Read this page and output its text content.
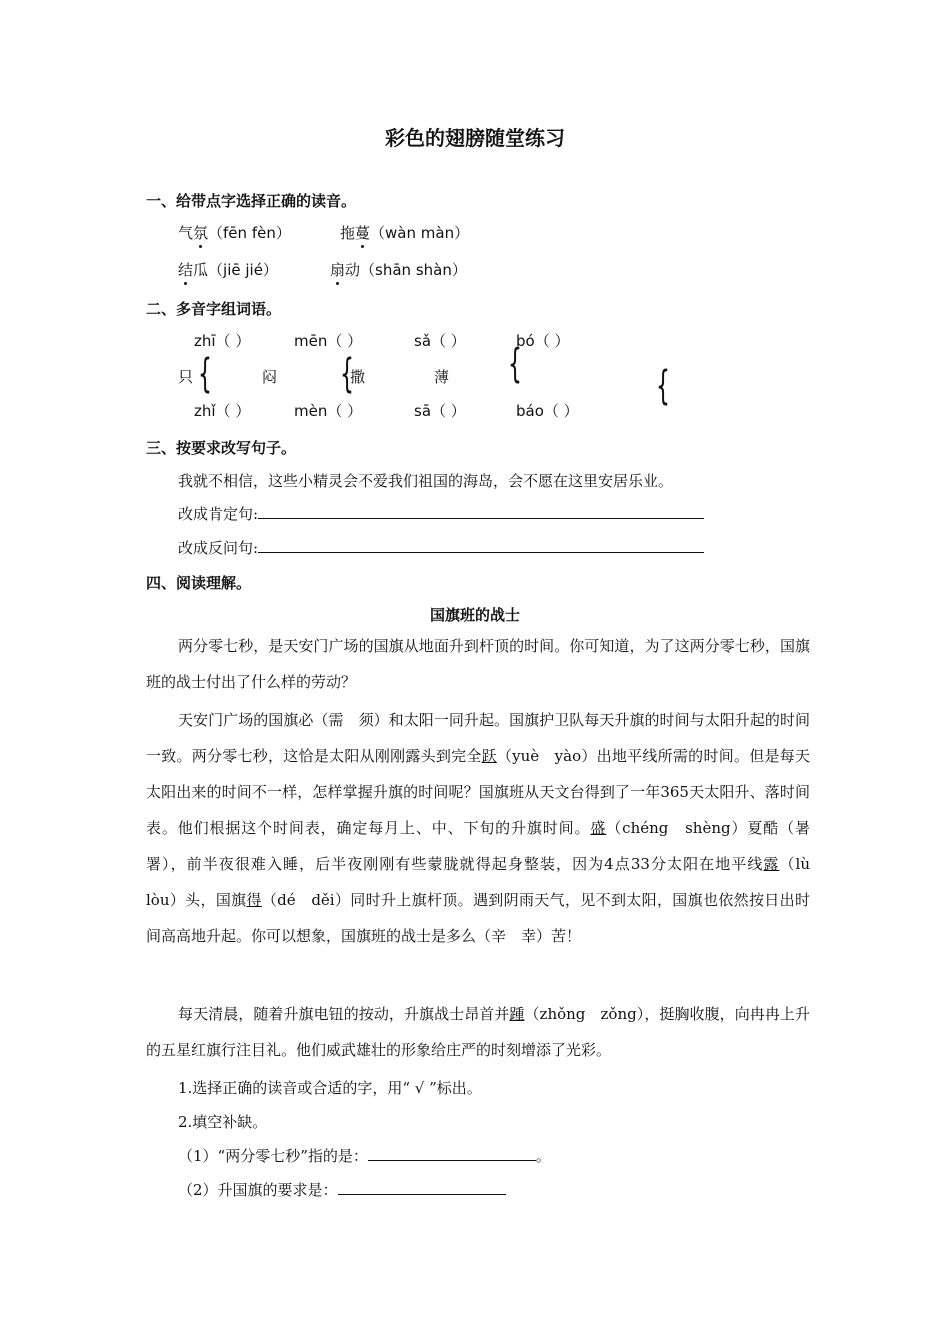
彩色的翅膀随堂练习
一、给带点字选择正确的读音。
气氛（fēn fèn）	拖蔓（wàn màn）
结瓜（jiē jié）	扇动（shān shàn）
二、多音字组词语。
zhī（ ）	mēn（ ）	sǎ（ ）	bó（ ）
只	闷	撒	薄
{	{	{	{
zhǐ（ ）	mèn（ ）	sā（ ）	báo（ ）
三、按要求改写句子。
我就不相信，这些小精灵会不爱我们祖国的海岛，会不愿在这里安居乐业。
改成肯定句:
改成反问句:
四、阅读理解。
国旗班的战士
两分零七秒，是天安门广场的国旗从地面升到杆顶的时间。你可知道，为了这两分零七秒，国旗班的战士付出了什么样的劳动？
天安门广场的国旗必（需　须）和太阳一同升起。国旗护卫队每天升旗的时间与太阳升起的时间一致。两分零七秒，这恰是太阳从刚刚露头到完全跃（yuè　yào）出地平线所需的时间。但是每天太阳出来的时间不一样，怎样掌握升旗的时间呢？国旗班从天文台得到了一年365天太阳升、落时间表。他们根据这个时间表，确定每月上、中、下旬的升旗时间。盛（chéng　shèng）夏酷（暑　署），前半夜很难入睡，后半夜刚刚有些蒙胧就得起身整装，因为4点33分太阳在地平线露（lù　lòu）头，国旗得（dé　děi）同时升上旗杆顶。遇到阴雨天气，见不到太阳，国旗也依然按日出时间高高地升起。你可以想象，国旗班的战士是多么（辛　幸）苦！
每天清晨，随着升旗电钮的按动，升旗战士昂首并踵（zhǒng　zǒng），挺胸收腹，向冉冉上升的五星红旗行注目礼。他们威武雄壮的形象给庄严的时刻增添了光彩。
1.选择正确的读音或合适的字，用“ √ ”标出。
2.填空补缺。
（1）“两分零七秒”指的是：	。
（2）升国旗的要求是：
